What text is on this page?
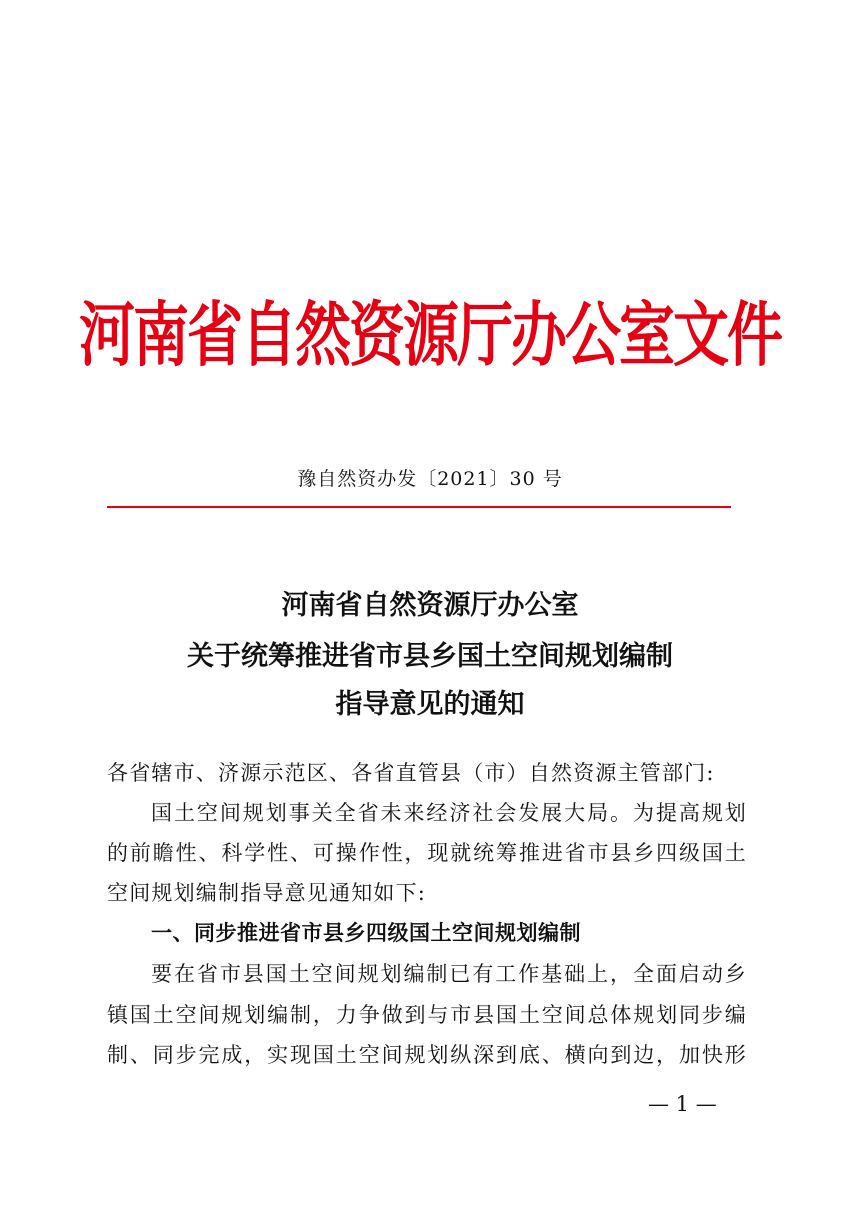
河南省自然资源厅办公室文件
豫自然资办发〔2021〕30 号
河南省自然资源厅办公室
关于统筹推进省市县乡国土空间规划编制
指导意见的通知
各省辖市、济源示范区、各省直管县（市）自然资源主管部门:
国土空间规划事关全省未来经济社会发展大局。为提高规划
的前瞻性、科学性、可操作性，现就统筹推进省市县乡四级国土
空间规划编制指导意见通知如下:
一、同步推进省市县乡四级国土空间规划编制
要在省市县国土空间规划编制已有工作基础上，全面启动乡
镇国土空间规划编制，力争做到与市县国土空间总体规划同步编
制、同步完成，实现国土空间规划纵深到底、横向到边，加快形
— 1 —
